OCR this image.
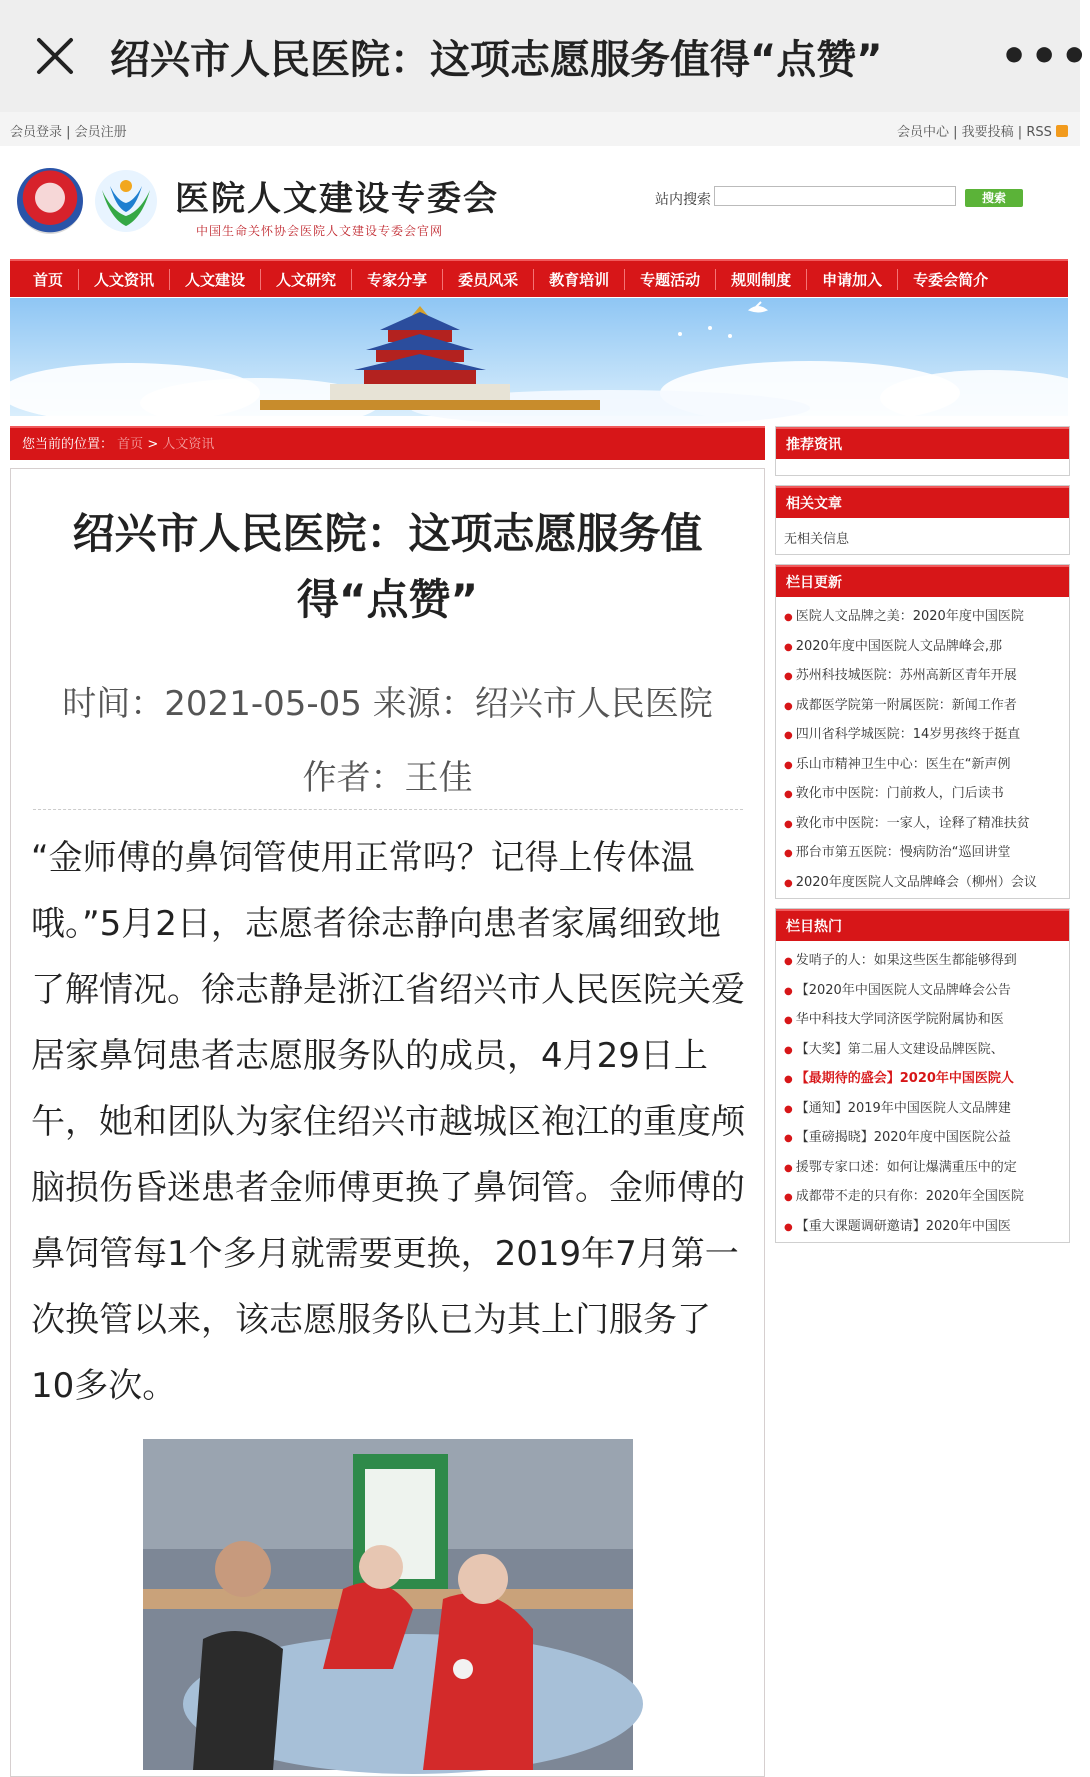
绍兴市人民医院：这项志愿服务值得“点赞”	•••
会员登录 | 会员注册	会员中心 | 我要投稿 | RSS
医院人文建设专委会
中国生命关怀协会医院人文建设专委会官网
站内搜索	搜索
首页	人文资讯	人文建设	人文研究	专家分享	委员风采	教育培训	专题活动	规则制度	申请加入	专委会简介
您当前的位置： 首页 > 人文资讯
绍兴市人民医院：这项志愿服务值得“点赞”
时间：2021-05-05 来源：绍兴市人民医院 作者：王佳
“金师傅的鼻饲管使用正常吗？记得上传体温哦。”5月2日，志愿者徐志静向患者家属细致地了解情况。徐志静是浙江省绍兴市人民医院关爱居家鼻饲患者志愿服务队的成员，4月29日上午，她和团队为家住绍兴市越城区袍江的重度颅脑损伤昏迷患者金师傅更换了鼻饲管。金师傅的鼻饲管每1个多月就需要更换，2019年7月第一次换管以来，该志愿服务队已为其上门服务了10多次。
推荐资讯
相关文章
无相关信息
栏目更新
● 医院人文品牌之美：2020年度中国医院
● 2020年度中国医院人文品牌峰会,那
● 苏州科技城医院：苏州高新区青年开展
● 成都医学院第一附属医院：新闻工作者
● 四川省科学城医院：14岁男孩终于挺直
● 乐山市精神卫生中心：医生在“新声例
● 敦化市中医院：门前救人，门后读书
● 敦化市中医院：一家人，诠释了精准扶贫
● 邢台市第五医院：慢病防治“巡回讲堂
● 2020年度医院人文品牌峰会（柳州）会议
栏目热门
● 发哨子的人：如果这些医生都能够得到
● 【2020年中国医院人文品牌峰会公告
● 华中科技大学同济医学院附属协和医
● 【大奖】第二届人文建设品牌医院、
● 【最期待的盛会】2020年中国医院人
● 【通知】2019年中国医院人文品牌建
● 【重磅揭晓】2020年度中国医院公益
● 援鄂专家口述：如何让爆满重压中的定
● 成都带不走的只有你：2020年全国医院
● 【重大课题调研邀请】2020年中国医
